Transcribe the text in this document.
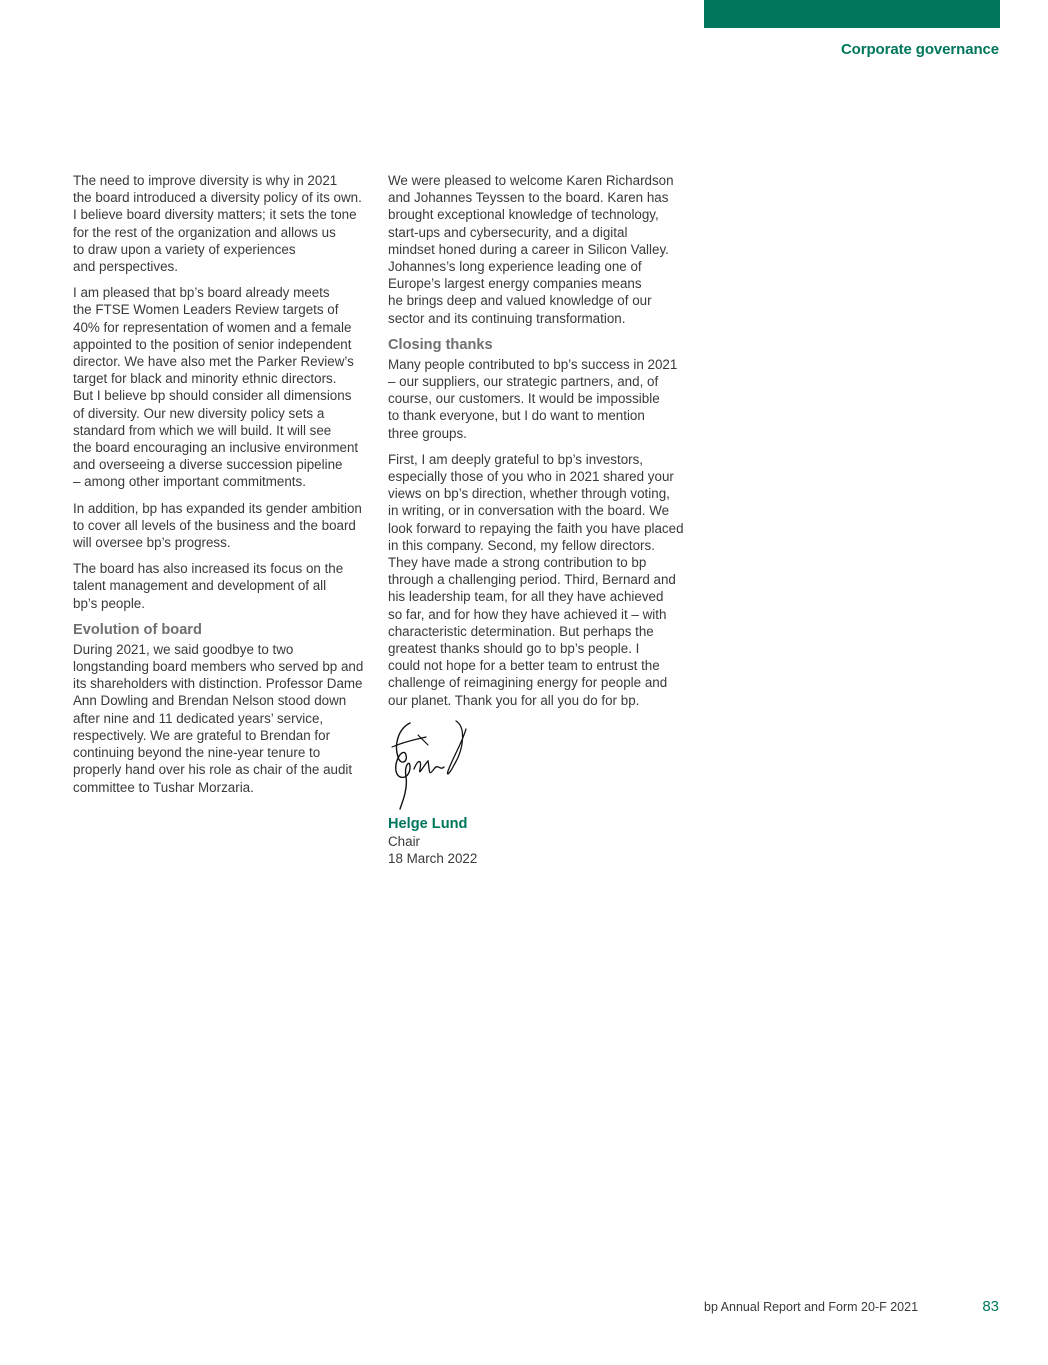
Corporate governance

The need to improve diversity is why in 2021
the board introduced a diversity policy of its own.
I believe board diversity matters; it sets the tone
for the rest of the organization and allows us
to draw upon a variety of experiences
and perspectives.

I am pleased that bp’s board already meets
the FTSE Women Leaders Review targets of
40% for representation of women and a female
appointed to the position of senior independent
director. We have also met the Parker Review’s
target for black and minority ethnic directors.
But I believe bp should consider all dimensions
of diversity. Our new diversity policy sets a
standard from which we will build. It will see
the board encouraging an inclusive environment
and overseeing a diverse succession pipeline
– among other important commitments.

In addition, bp has expanded its gender ambition
to cover all levels of the business and the board
will oversee bp’s progress.

The board has also increased its focus on the
talent management and development of all
bp’s people.

Evolution of board

During 2021, we said goodbye to two
longstanding board members who served bp and
its shareholders with distinction. Professor Dame
Ann Dowling and Brendan Nelson stood down
after nine and 11 dedicated years’ service,
respectively. We are grateful to Brendan for
continuing beyond the nine-year tenure to
properly hand over his role as chair of the audit
committee to Tushar Morzaria.

We were pleased to welcome Karen Richardson
and Johannes Teyssen to the board. Karen has
brought exceptional knowledge of technology,
start-ups and cybersecurity, and a digital
mindset honed during a career in Silicon Valley.
Johannes’s long experience leading one of
Europe’s largest energy companies means
he brings deep and valued knowledge of our
sector and its continuing transformation.

Closing thanks

Many people contributed to bp’s success in 2021
– our suppliers, our strategic partners, and, of
course, our customers. It would be impossible
to thank everyone, but I do want to mention
three groups.

First, I am deeply grateful to bp’s investors,
especially those of you who in 2021 shared your
views on bp’s direction, whether through voting,
in writing, or in conversation with the board. We
look forward to repaying the faith you have placed
in this company. Second, my fellow directors.
They have made a strong contribution to bp
through a challenging period. Third, Bernard and
his leadership team, for all they have achieved
so far, and for how they have achieved it – with
characteristic determination. But perhaps the
greatest thanks should go to bp’s people. I
could not hope for a better team to entrust the
challenge of reimagining energy for people and
our planet. Thank you for all you do for bp.

Helge Lund
Chair
18 March 2022
bp Annual Report and Form 20-F 2021	83
